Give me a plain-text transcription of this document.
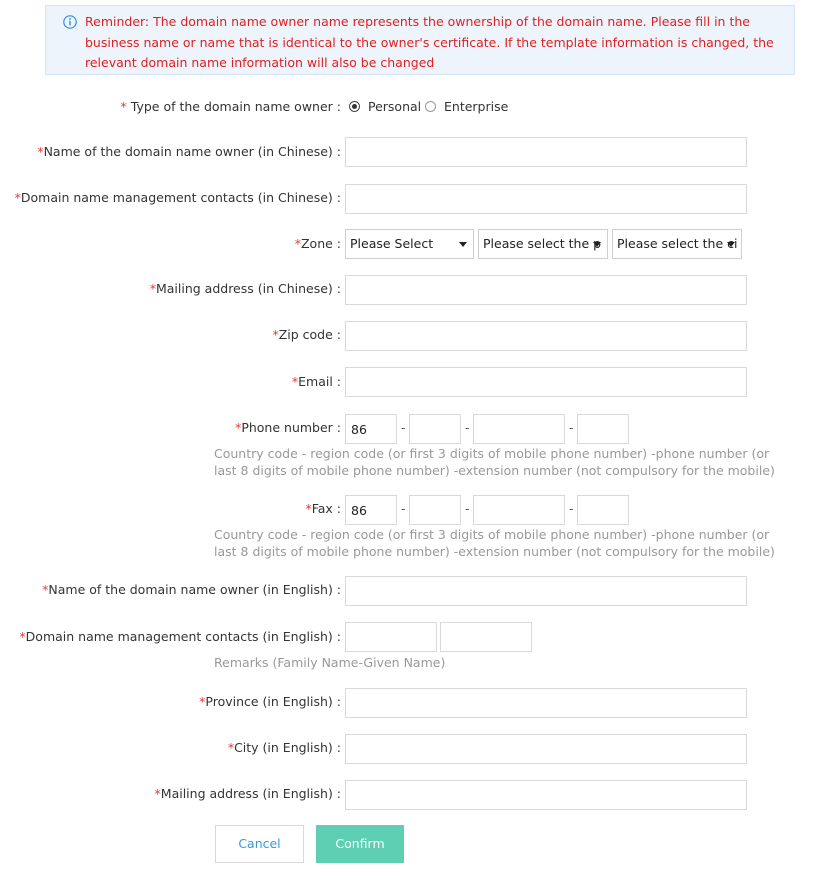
Reminder: The domain name owner name represents the ownership of the domain name. Please fill in the business name or name that is identical to the owner's certificate. If the template information is changed, the relevant domain name information will also be changed
* Type of the domain name owner : Personal Enterprise
*Name of the domain name owner (in Chinese) :
*Domain name management contacts (in Chinese) :
*Zone : Please Select	Please select the p Please select the ci
*Mailing address (in Chinese) :
*Zip code :
*Email :
*Phone number :
86	-	-	-
Country code - region code (or first 3 digits of mobile phone number) -phone number (or last 8 digits of mobile phone number) -extension number (not compulsory for the mobile)
*Fax :
86	-	-	-
Country code - region code (or first 3 digits of mobile phone number) -phone number (or last 8 digits of mobile phone number) -extension number (not compulsory for the mobile)
*Name of the domain name owner (in English) :
*Domain name management contacts (in English) :
Remarks (Family Name-Given Name)
*Province (in English) :
*City (in English) :
*Mailing address (in English) :
Cancel	Confirm
